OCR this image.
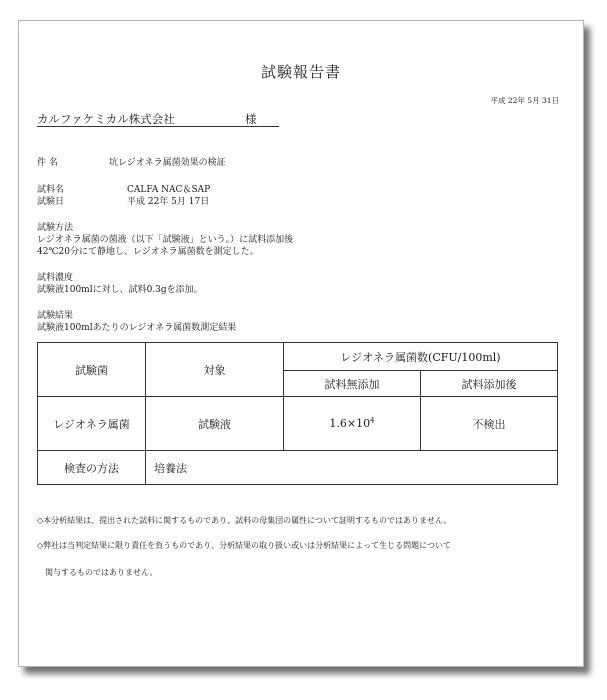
試験報告書
平成 22年 5月 31日
カルファケミカル株式会社	様
件 名	坑レジオネラ属菌効果の検証
試料名	CALFA NAC＆SAP
試験日	平成 22年 5月 17日
試験方法
レジオネラ属菌の菌液（以下「試験液」という。）に試料添加後
42℃20分にて静地し、レジオネラ属菌数を測定した。
試料濃度
試験液100mlに対し、試料0.3gを添加。
試験結果
試験液100mlあたりのレジオネラ属菌数測定結果
試験菌	対象	レジオネラ属菌数(CFU/100ml)	
		試料無添加	試料添加後
レジオネラ属菌	試験液	$1.6\times 10^4$	不検出
検査の方法	培養法		
◇本分析結果は、提出された試料に関するものであり、試料の母集団の属性について証明するものではありません。
◇弊社は当判定結果に限り責任を負うものであり、分析結果の取り扱い或いは分析結果によって生じる問題について
関与するものではありません。
